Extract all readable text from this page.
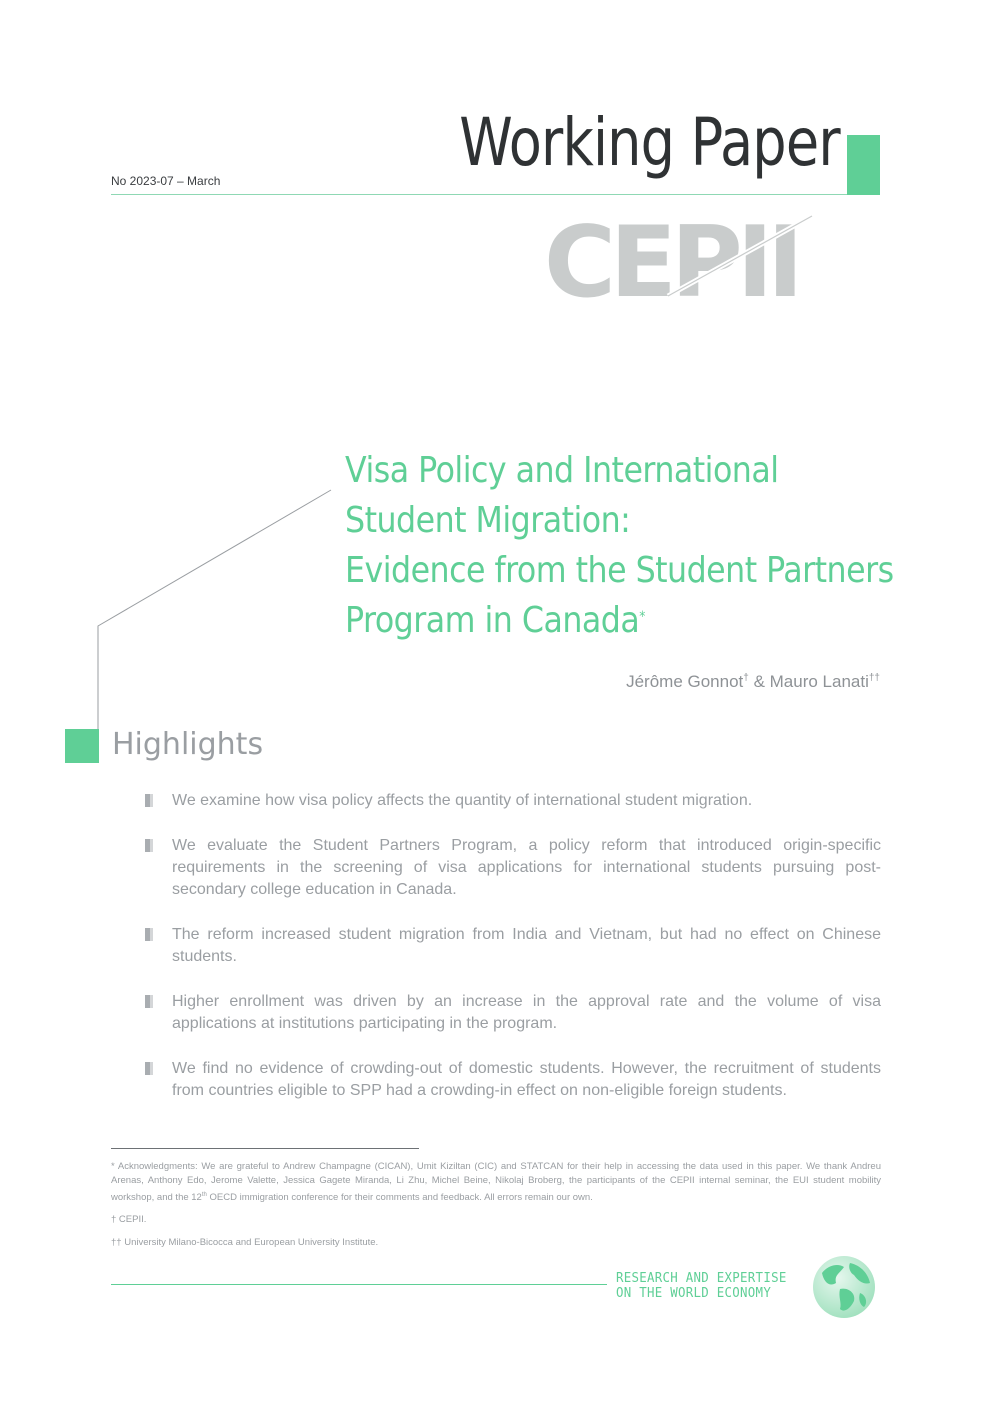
Working Paper
No 2023-07 – March
CEPII
Visa Policy and International
Student Migration:
Evidence from the Student Partners
Program in Canada*
Jérôme Gonnot† & Mauro Lanati††
Highlights
We examine how visa policy affects the quantity of international student migration.
We evaluate the Student Partners Program, a policy reform that introduced origin-specific requirements in the screening of visa applications for international students pursuing post-secondary college education in Canada.
The reform increased student migration from India and Vietnam, but had no effect on Chinese students.
Higher enrollment was driven by an increase in the approval rate and the volume of visa applications at institutions participating in the program.
We find no evidence of crowding-out of domestic students. However, the recruitment of students from countries eligible to SPP had a crowding-in effect on non-eligible foreign students.
* Acknowledgments: We are grateful to Andrew Champagne (CICAN), Umit Kiziltan (CIC) and STATCAN for their help in accessing the data used in this paper. We thank Andreu Arenas, Anthony Edo, Jerome Valette, Jessica Gagete Miranda, Li Zhu, Michel Beine, Nikolaj Broberg, the participants of the CEPII internal seminar, the EUI student mobility workshop, and the 12th OECD immigration conference for their comments and feedback. All errors remain our own.
† CEPII.
†† University Milano-Bicocca and European University Institute.
RESEARCH AND EXPERTISE
ON THE WORLD ECONOMY
